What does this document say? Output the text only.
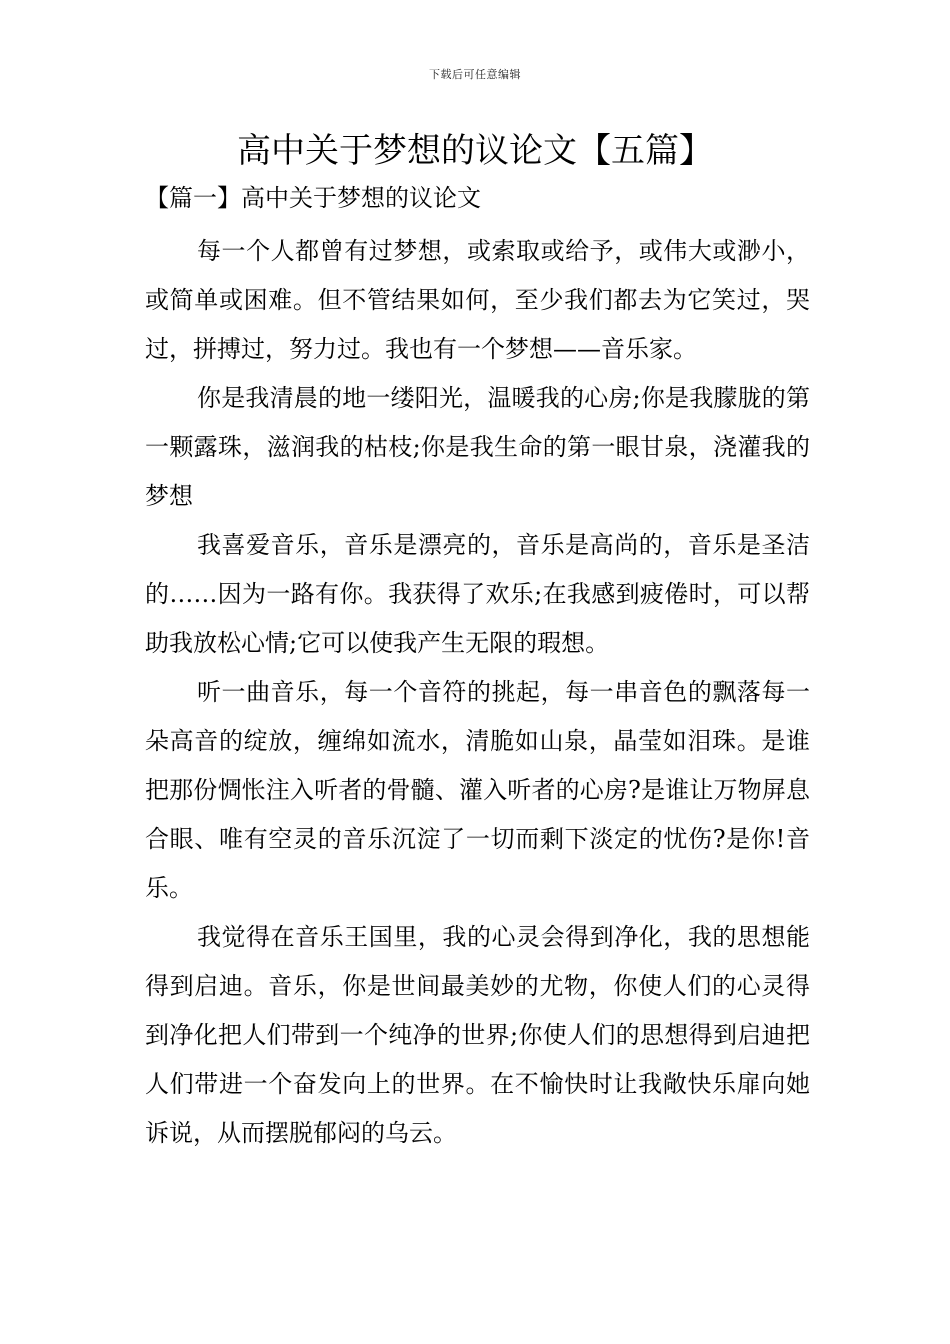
下载后可任意编辑
高中关于梦想的议论文【五篇】
【篇一】高中关于梦想的议论文

每一个人都曾有过梦想，或索取或给予，或伟大或渺小，或简单或困难。但不管结果如何，至少我们都去为它笑过，哭过，拼搏过，努力过。我也有一个梦想——音乐家。

你是我清晨的地一缕阳光，温暖我的心房;你是我朦胧的第一颗露珠，滋润我的枯枝;你是我生命的第一眼甘泉，浇灌我的梦想

我喜爱音乐，音乐是漂亮的，音乐是高尚的，音乐是圣洁的……因为一路有你。我获得了欢乐;在我感到疲倦时，可以帮助我放松心情;它可以使我产生无限的瑕想。

听一曲音乐，每一个音符的挑起，每一串音色的飘落每一朵高音的绽放，缠绵如流水，清脆如山泉，晶莹如泪珠。是谁把那份惆怅注入听者的骨髓、灌入听者的心房?是谁让万物屏息合眼、唯有空灵的音乐沉淀了一切而剩下淡定的忧伤?是你!音乐。

我觉得在音乐王国里，我的心灵会得到净化，我的思想能得到启迪。音乐，你是世间最美妙的尤物，你使人们的心灵得到净化把人们带到一个纯净的世界;你使人们的思想得到启迪把人们带进一个奋发向上的世界。在不愉快时让我敞快乐扉向她诉说，从而摆脱郁闷的乌云。
